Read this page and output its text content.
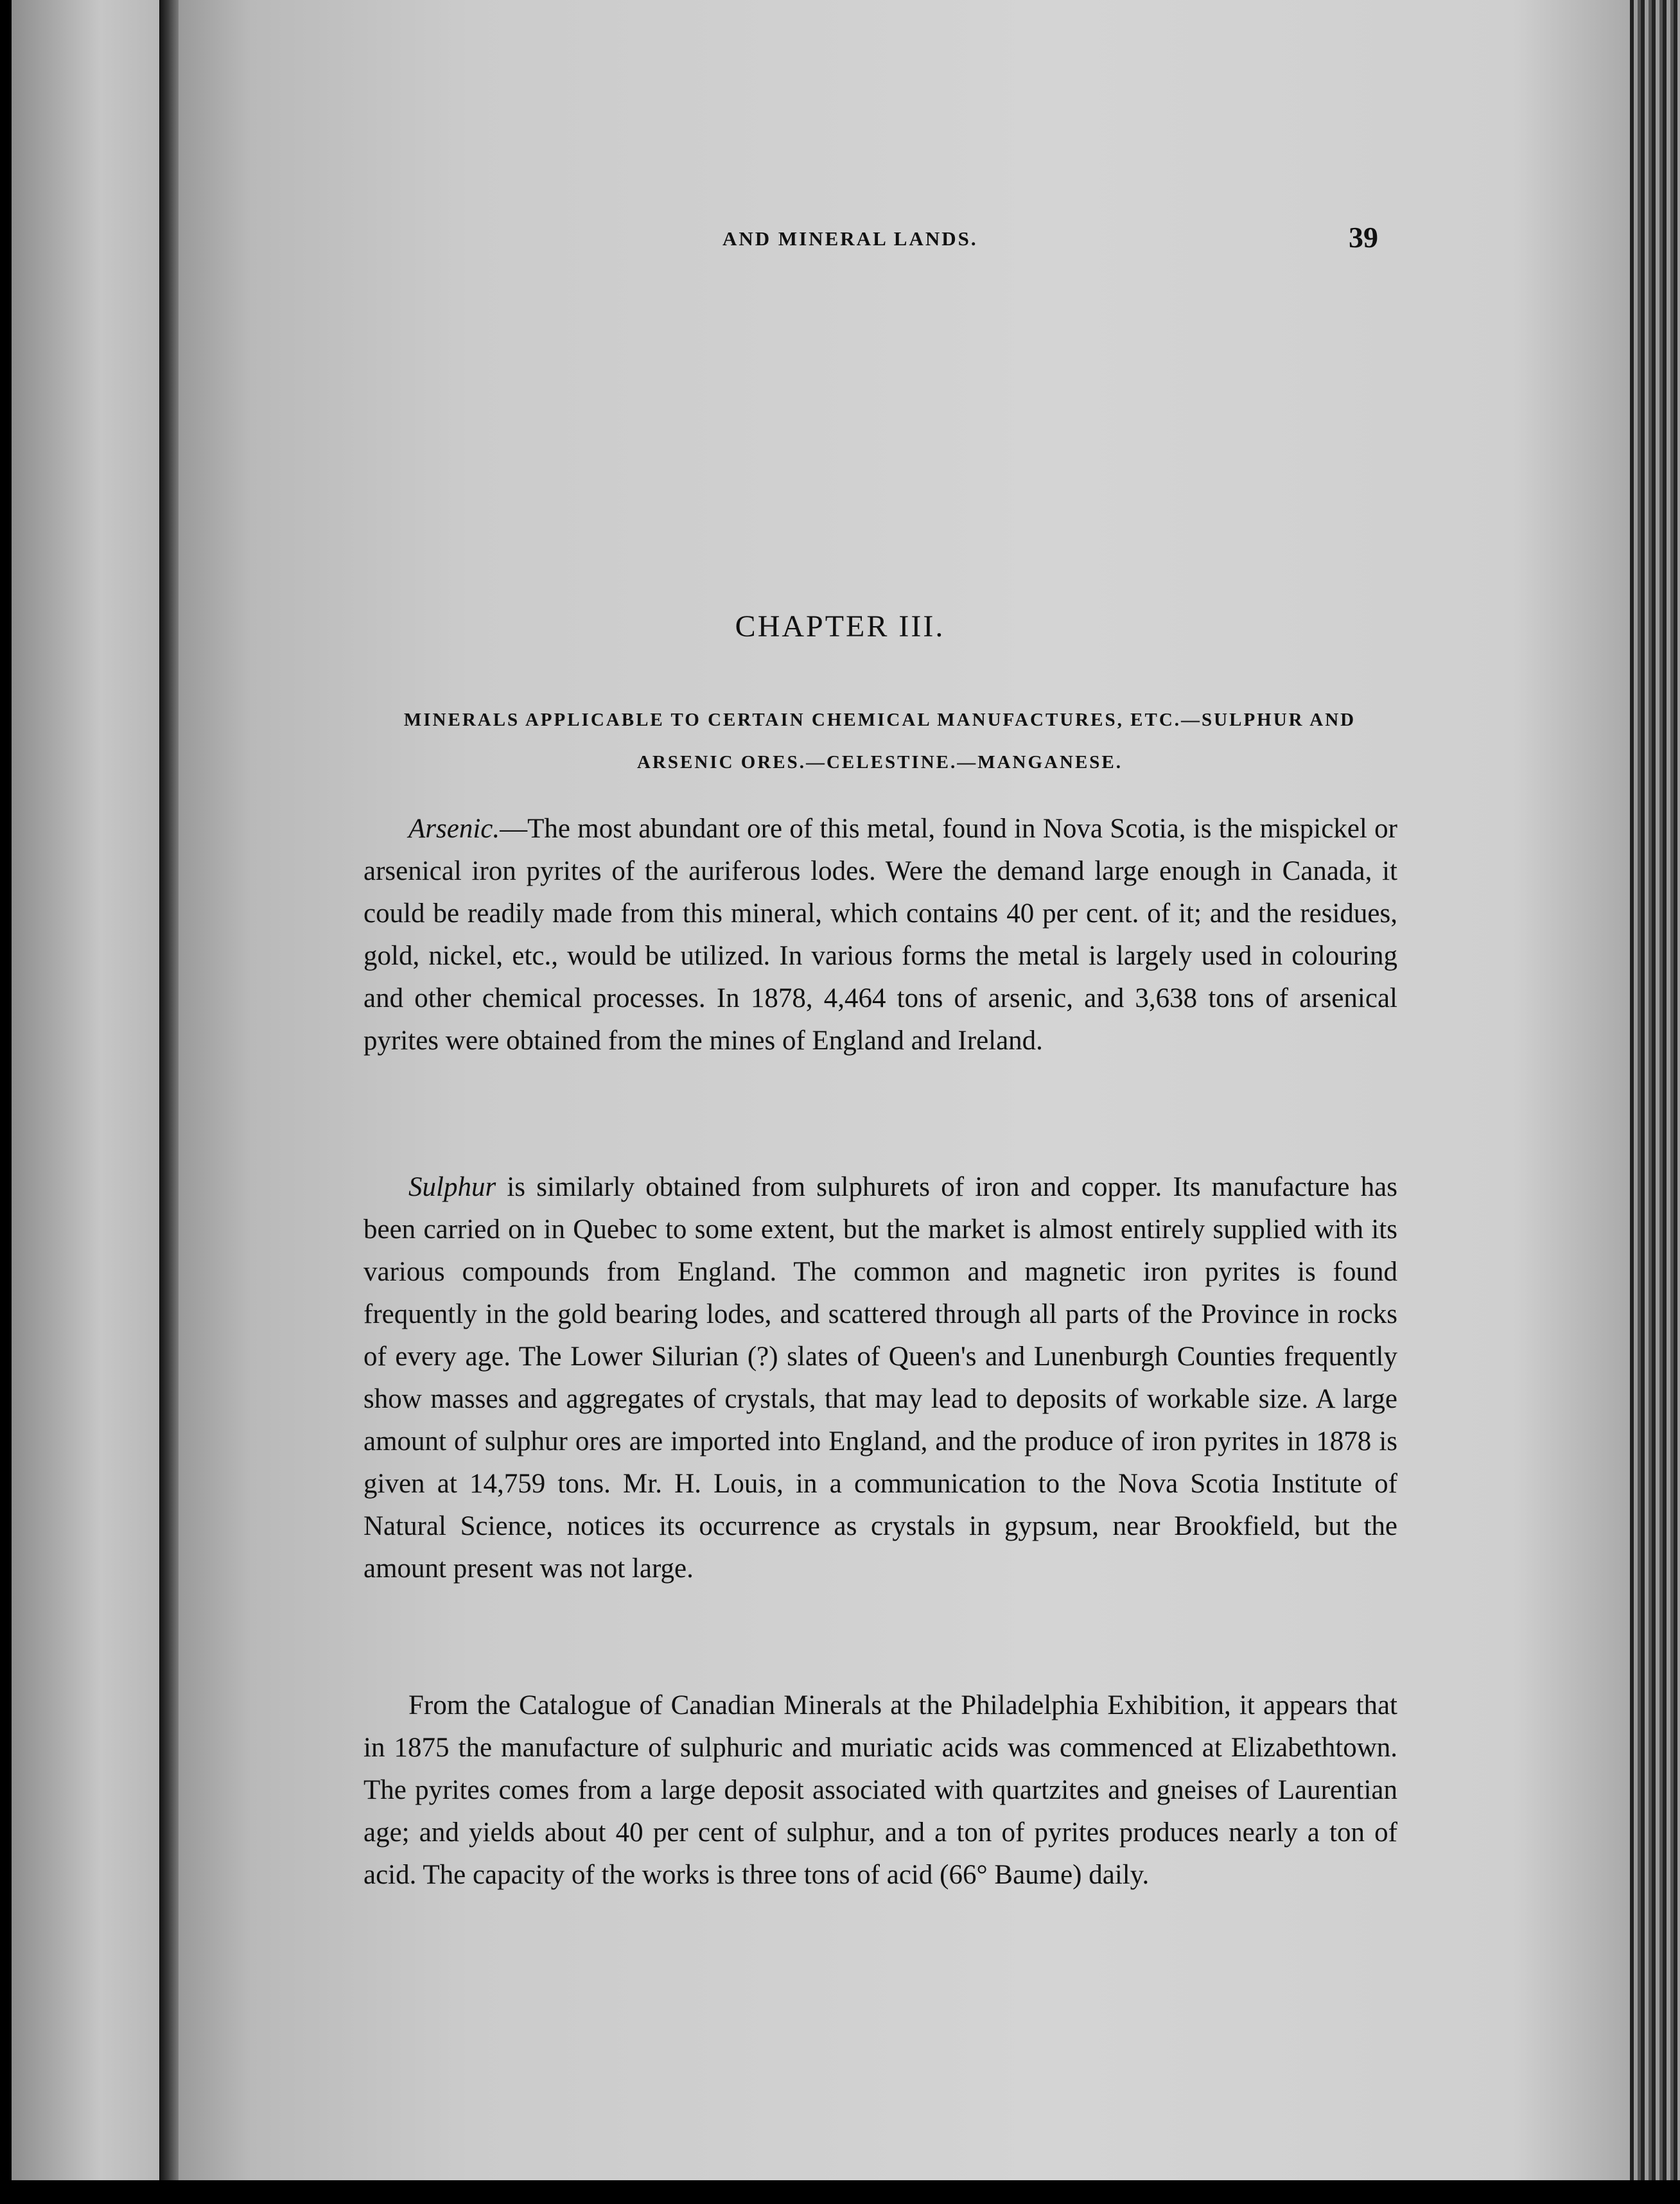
AND MINERAL LANDS.	39
CHAPTER III.
MINERALS APPLICABLE TO CERTAIN CHEMICAL MANUFACTURES, ETC.—SULPHUR AND ARSENIC ORES.—CELESTINE.—MANGANESE.
Arsenic.—The most abundant ore of this metal, found in Nova Scotia, is the mispickel or arsenical iron pyrites of the auriferous lodes. Were the demand large enough in Canada, it could be readily made from this mineral, which contains 40 per cent. of it; and the residues, gold, nickel, etc., would be utilized. In various forms the metal is largely used in colouring and other chemical processes. In 1878, 4,464 tons of arsenic, and 3,638 tons of arsenical pyrites were obtained from the mines of England and Ireland.
Sulphur is similarly obtained from sulphurets of iron and copper. Its manufacture has been carried on in Quebec to some extent, but the market is almost entirely supplied with its various compounds from England. The common and magnetic iron pyrites is found frequently in the gold bearing lodes, and scattered through all parts of the Province in rocks of every age. The Lower Silurian (?) slates of Queen's and Lunenburgh Counties frequently show masses and aggregates of crystals, that may lead to deposits of workable size. A large amount of sulphur ores are imported into England, and the produce of iron pyrites in 1878 is given at 14,759 tons. Mr. H. Louis, in a communication to the Nova Scotia Institute of Natural Science, notices its occurrence as crystals in gypsum, near Brookfield, but the amount present was not large.
From the Catalogue of Canadian Minerals at the Philadelphia Exhibition, it appears that in 1875 the manufacture of sulphuric and muriatic acids was commenced at Elizabethtown. The pyrites comes from a large deposit associated with quartzites and gneises of Laurentian age; and yields about 40 per cent of sulphur, and a ton of pyrites produces nearly a ton of acid. The capacity of the works is three tons of acid (66° Baume) daily.
